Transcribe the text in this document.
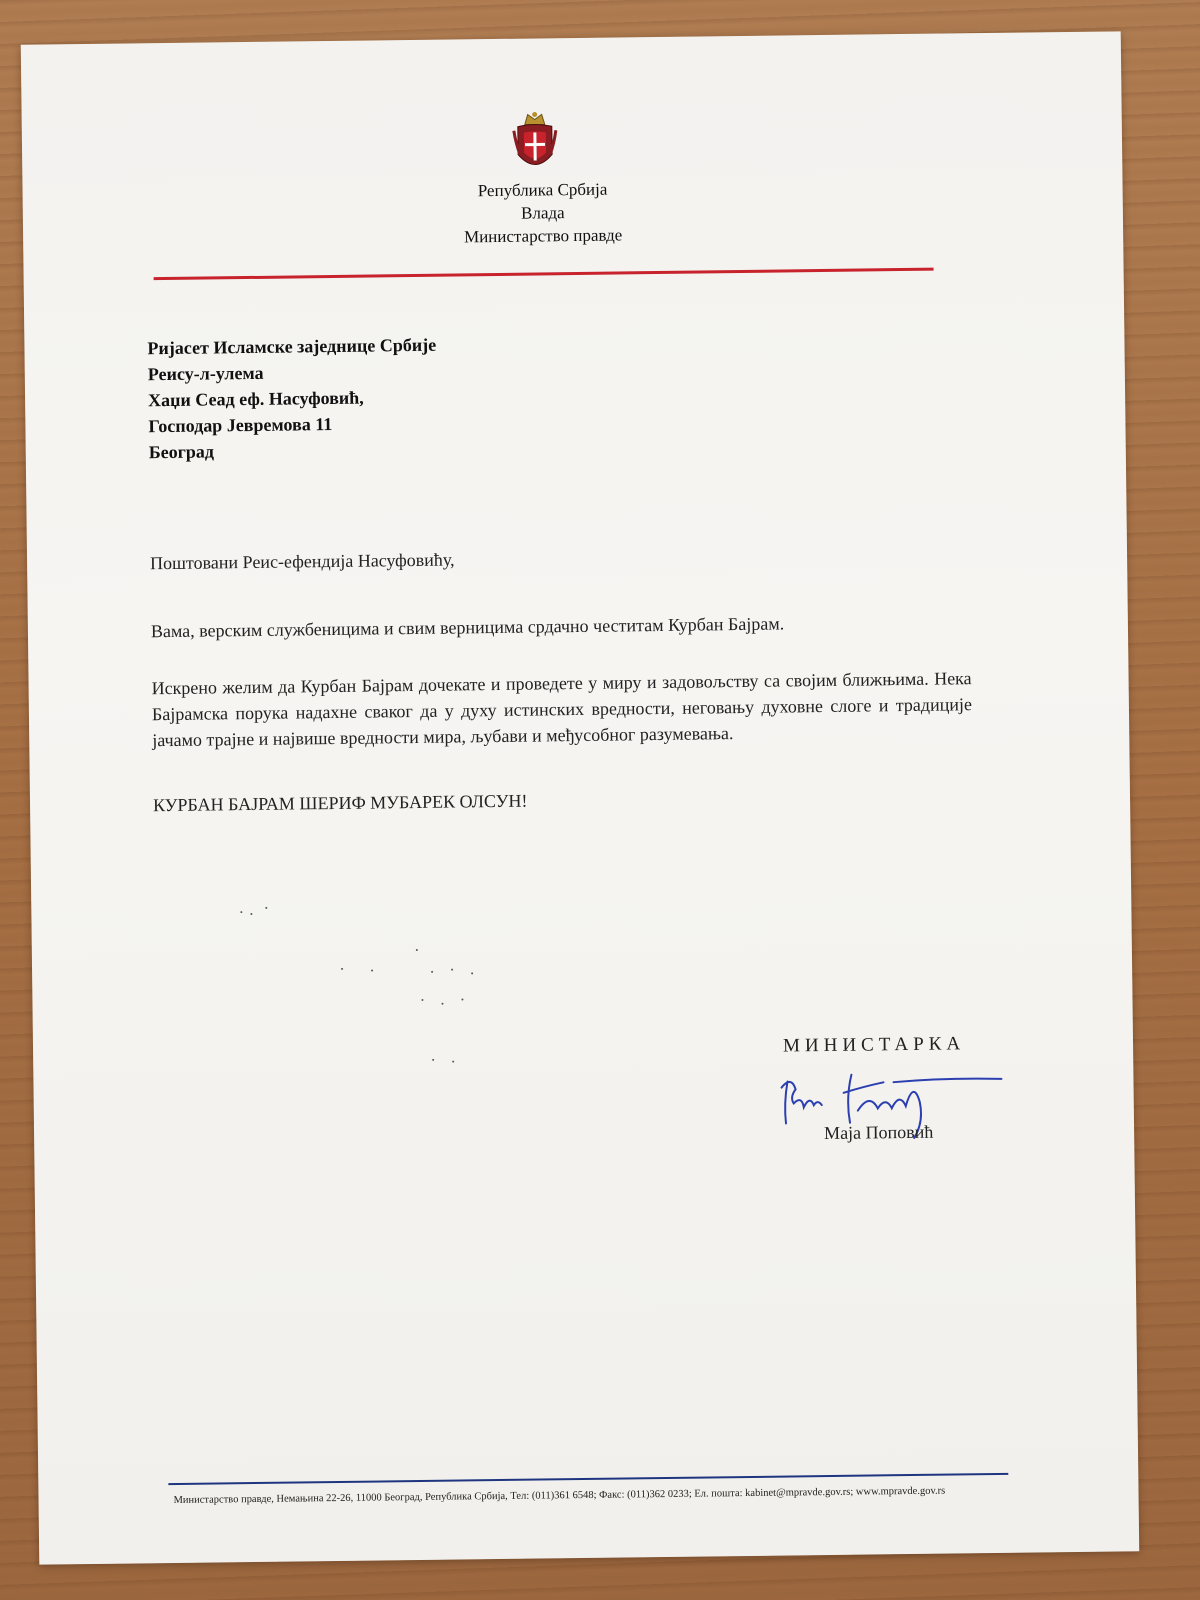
Република Србија
Влада
Министарство правде
Ријасет Исламске заједнице Србије
Реису-л-улема
Хаџи Сеад еф. Насуфовић,
Господар Јевремова 11
Београд
Поштовани Реис-ефендија Насуфовићу,
Вама, верским службеницима и свим верницима срдачно честитам Курбан Бајрам.
Искрено желим да Курбан Бајрам дочекате и проведете у миру и задовољству са својим ближњима. Нека Бајрамска порука надахне сваког да у духу истинских вредности, неговању духовне слоге и традиције јачамо трајне и највише вредности мира, љубави и међусобног разумевања.
КУРБАН БАЈРАМ ШЕРИФ МУБАРЕК ОЛСУН!
МИНИСТАРКА
Маја Поповић
Министарство правде, Немањина 22-26, 11000 Београд, Република Србија, Тел: (011)361 6548; Факс: (011)362 0233; Ел. пошта: kabinet@mpravde.gov.rs; www.mpravde.gov.rs
